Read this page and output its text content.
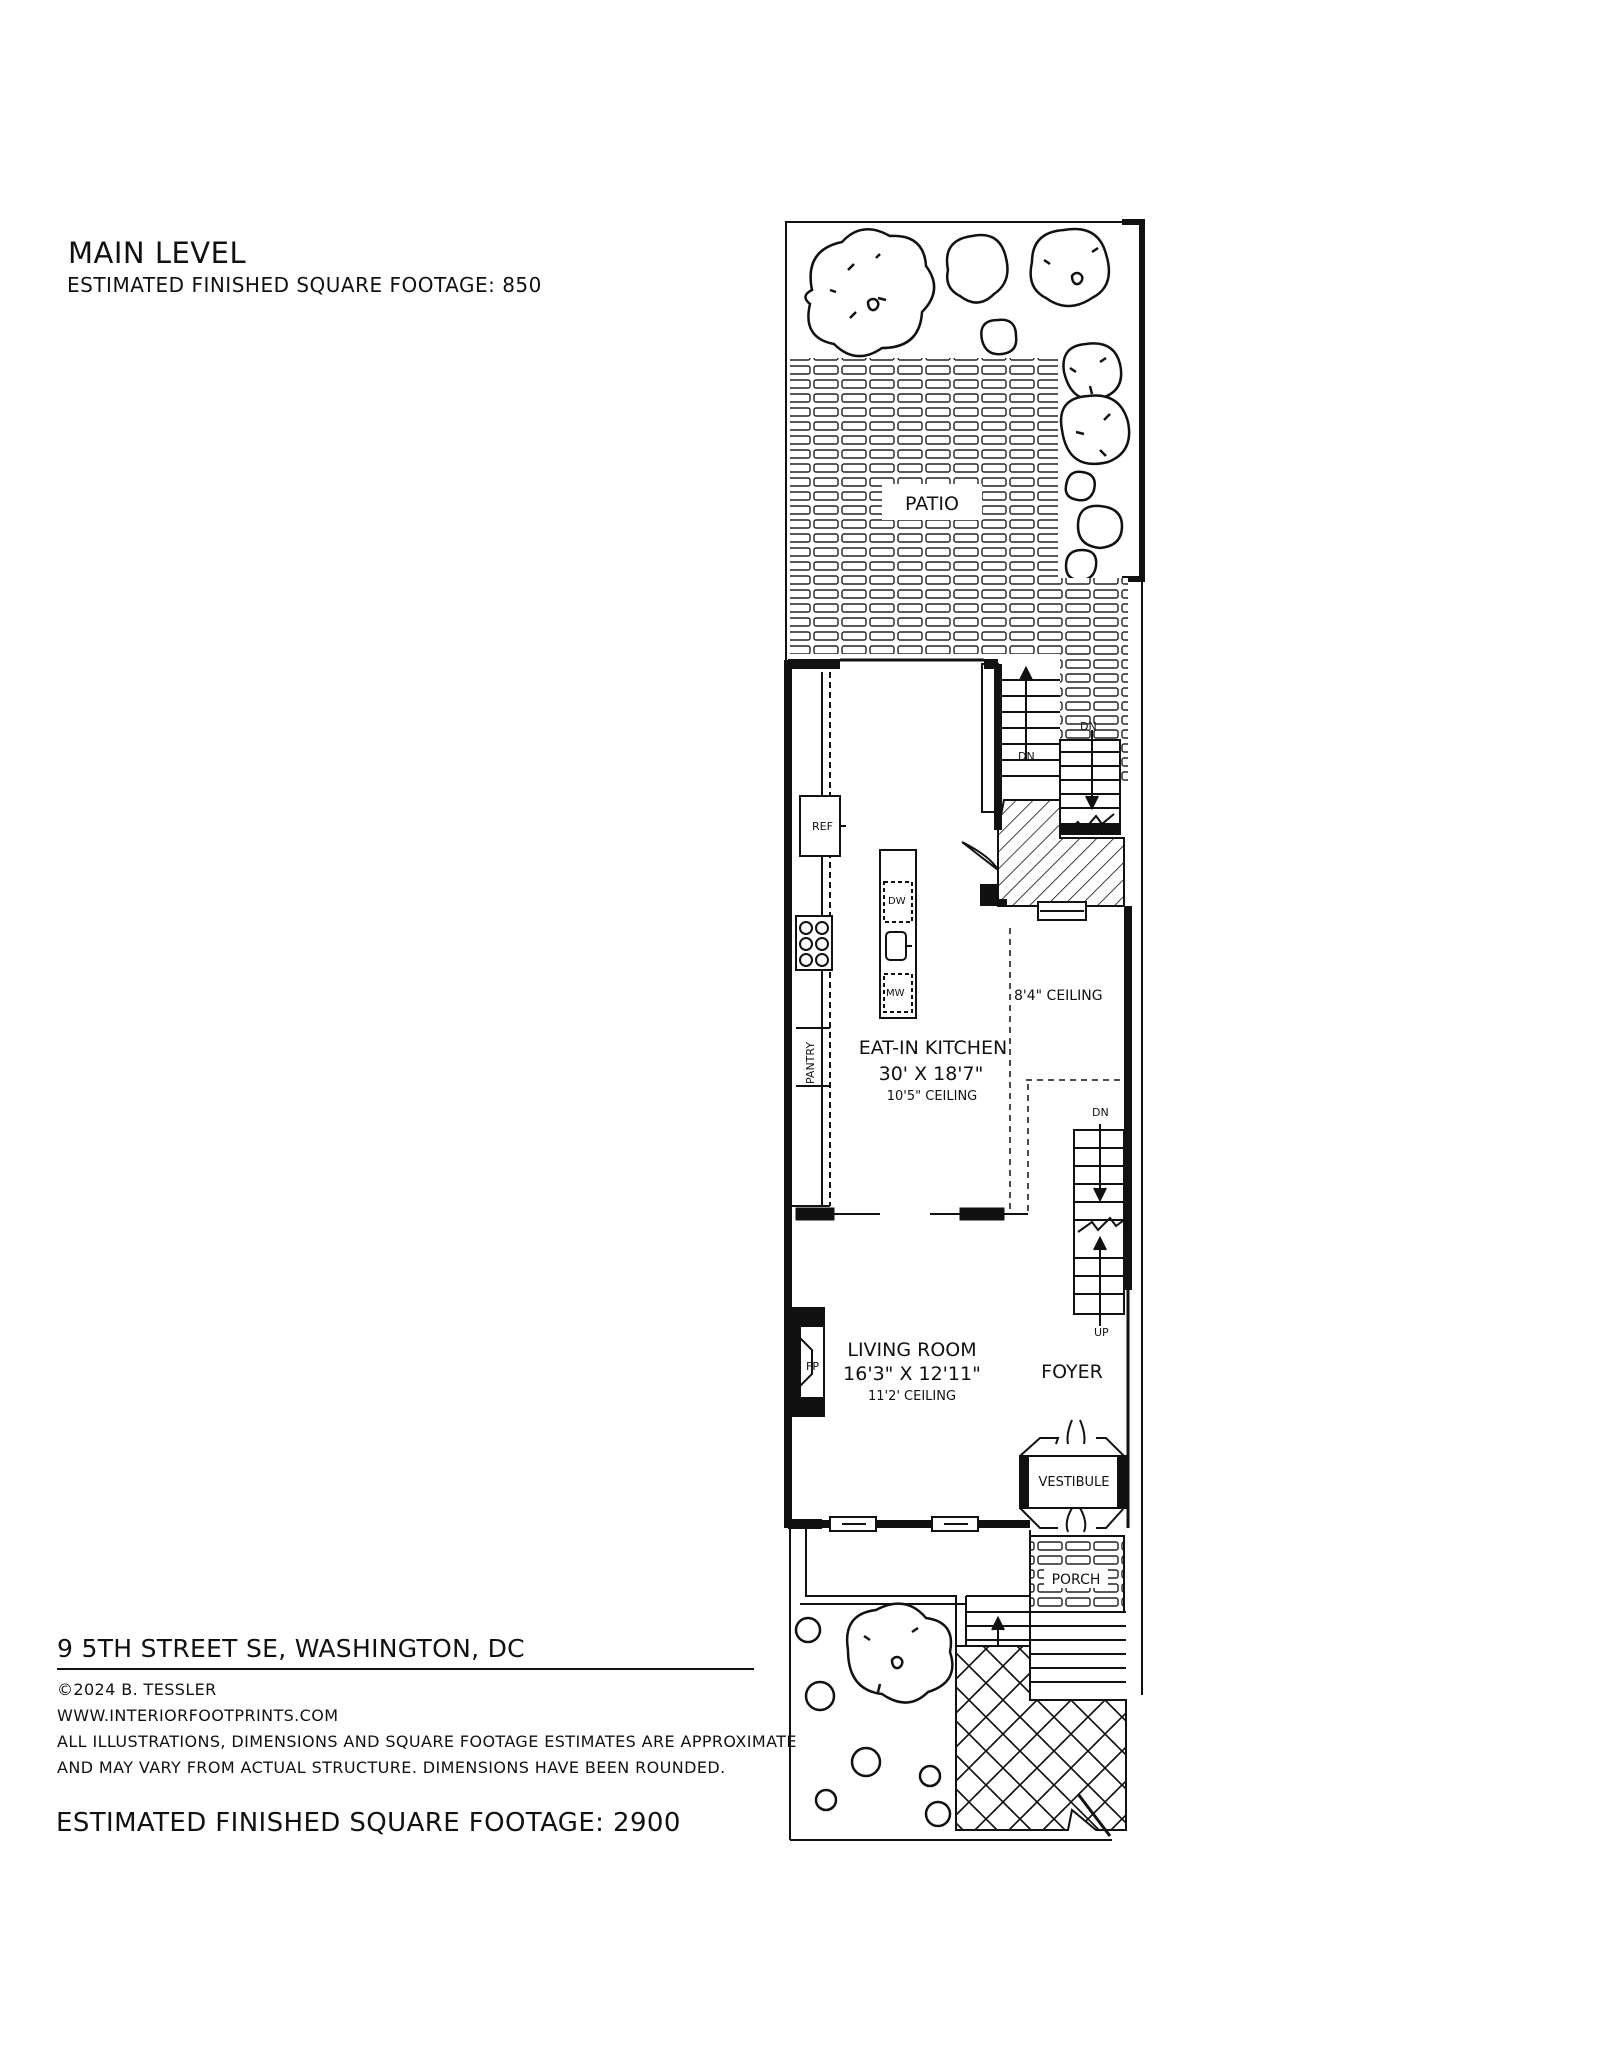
MAIN LEVEL
ESTIMATED FINISHED SQUARE FOOTAGE: 850
9 5TH STREET SE, WASHINGTON, DC
©2024 B. TESSLER
WWW.INTERIORFOOTPRINTS.COM
ALL ILLUSTRATIONS, DIMENSIONS AND SQUARE FOOTAGE ESTIMATES ARE APPROXIMATE
AND MAY VARY FROM ACTUAL STRUCTURE. DIMENSIONS HAVE BEEN ROUNDED.
ESTIMATED FINISHED SQUARE FOOTAGE: 2900
PATIO
REF
PANTRY
DW
MW
DN
DN
DN
UP
FP
VESTIBULE
PORCH
8'4" CEILING
EAT-IN KITCHEN
30' X 18'7"
10'5" CEILING
LIVING ROOM
16'3" X 12'11"
11'2' CEILING
FOYER
